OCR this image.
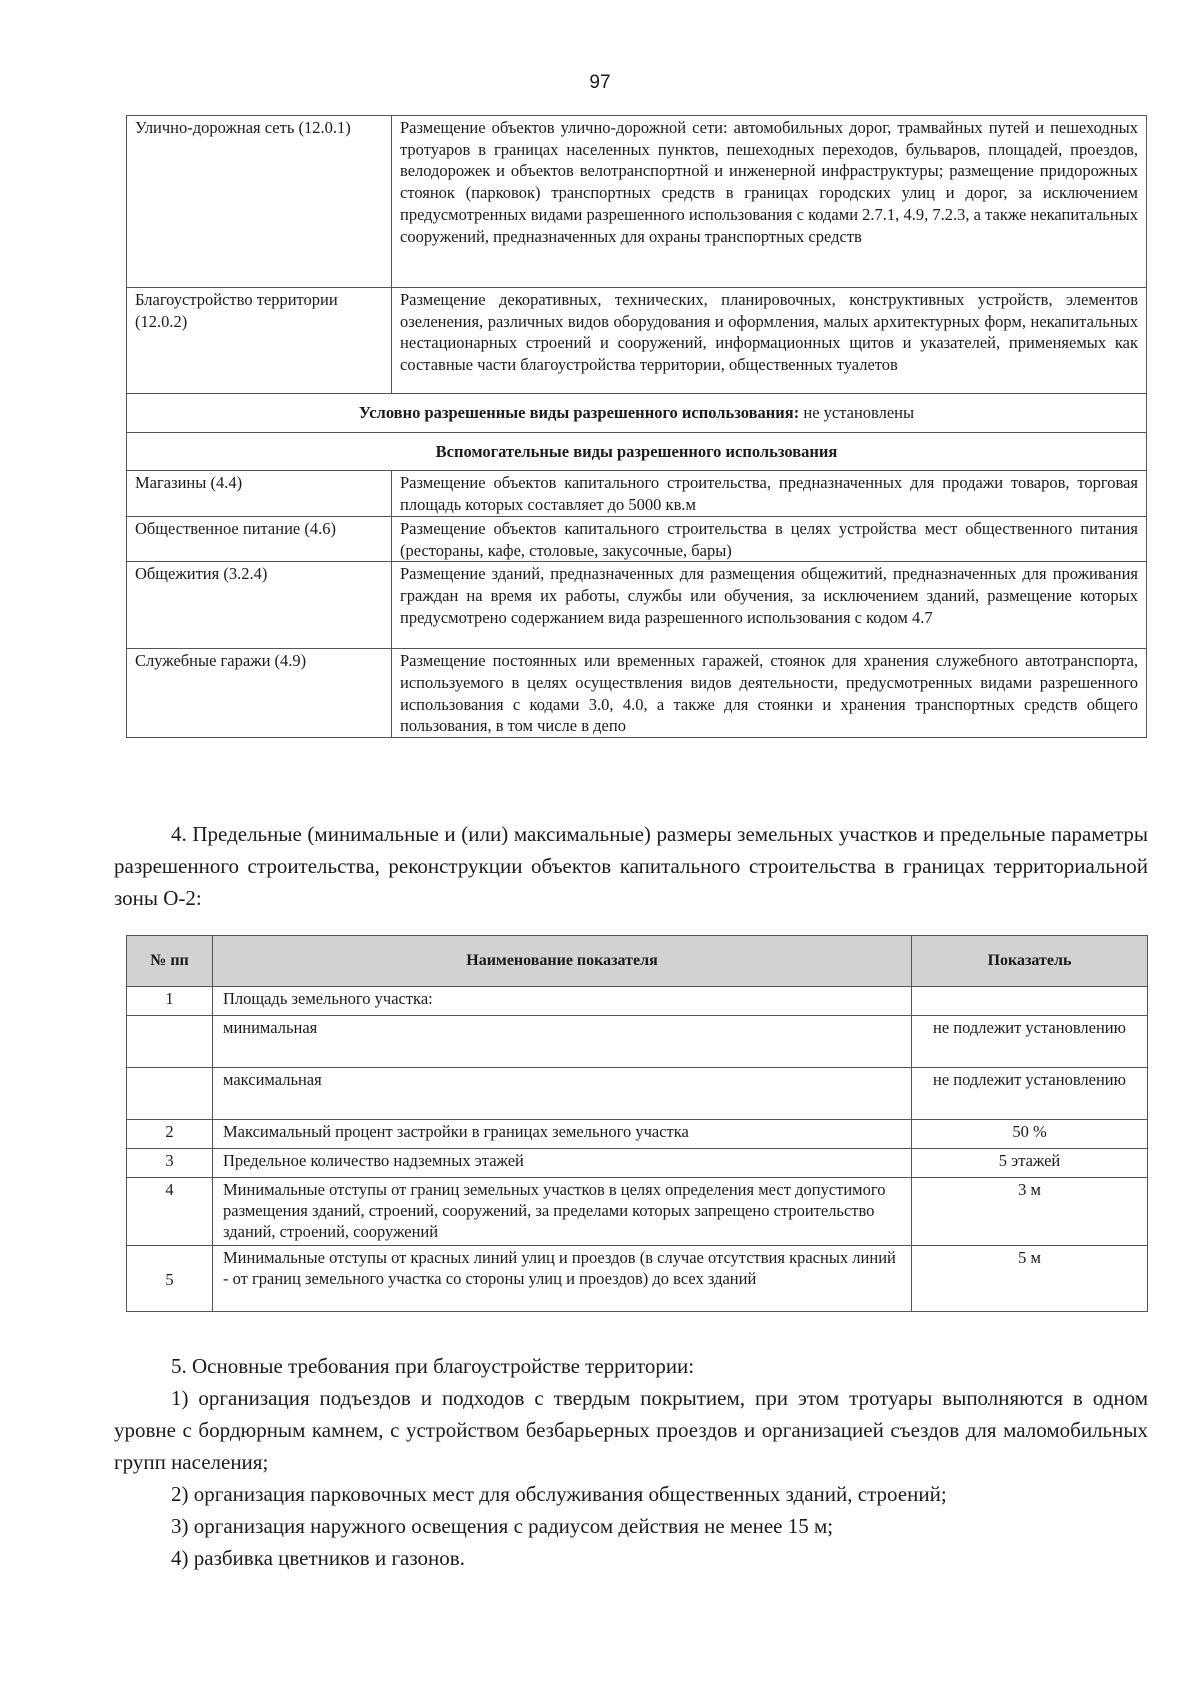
97
Улично-дорожная сеть (12.0.1)	Размещение объектов улично-дорожной сети: автомобильных дорог, трамвайных путей и пешеходных тротуаров в границах населенных пунктов, пешеходных переходов, бульваров, площадей, проездов, велодорожек и объектов велотранспортной и инженерной инфраструктуры; размещение придорожных стоянок (парковок) транспортных средств в границах городских улиц и дорог, за исключением предусмотренных видами разрешенного использования с кодами 2.7.1, 4.9, 7.2.3, а также некапитальных сооружений, предназначенных для охраны транспортных средств
Благоустройство территории (12.0.2)	Размещение декоративных, технических, планировочных, конструктивных устройств, элементов озеленения, различных видов оборудования и оформления, малых архитектурных форм, некапитальных нестационарных строений и сооружений, информационных щитов и указателей, применяемых как составные части благоустройства территории, общественных туалетов
Условно разрешенные виды разрешенного использования: не установлены	
Вспомогательные виды разрешенного использования	
Магазины (4.4)	Размещение объектов капитального строительства, предназначенных для продажи товаров, торговая площадь которых составляет до 5000 кв.м
Общественное питание (4.6)	Размещение объектов капитального строительства в целях устройства мест общественного питания (рестораны, кафе, столовые, закусочные, бары)
Общежития (3.2.4)	Размещение зданий, предназначенных для размещения общежитий, предназначенных для проживания граждан на время их работы, службы или обучения, за исключением зданий, размещение которых предусмотрено содержанием вида разрешенного использования с кодом 4.7
Служебные гаражи (4.9)	Размещение постоянных или временных гаражей, стоянок для хранения служебного автотранспорта, используемого в целях осуществления видов деятельности, предусмотренных видами разрешенного использования с кодами 3.0, 4.0, а также для стоянки и хранения транспортных средств общего пользования, в том числе в депо

4. Предельные (минимальные и (или) максимальные) размеры земельных участков и предельные параметры разрешенного строительства, реконструкции объектов капитального строительства в границах территориальной зоны О-2:

№ пп	Наименование показателя	Показатель
1	Площадь земельного участка:	
	минимальная	не подлежит установлению
	максимальная	не подлежит установлению
2	Максимальный процент застройки в границах земельного участка	50 %
3	Предельное количество надземных этажей	5 этажей
4	Минимальные отступы от границ земельных участков в целях определения мест допустимого размещения зданий, строений, сооружений, за пределами которых запрещено строительство зданий, строений, сооружений	3 м
5	Минимальные отступы от красных линий улиц и проездов (в случае отсутствия красных линий - от границ земельного участка со стороны улиц и проездов) до всех зданий	5 м

5. Основные требования при благоустройстве территории:

1) организация подъездов и подходов с твердым покрытием, при этом тротуары выполняются в одном уровне с бордюрным камнем, с устройством безбарьерных проездов и организацией съездов для маломобильных групп населения;

2) организация парковочных мест для обслуживания общественных зданий, строений;

3) организация наружного освещения с радиусом действия не менее 15 м;

4) разбивка цветников и газонов.
